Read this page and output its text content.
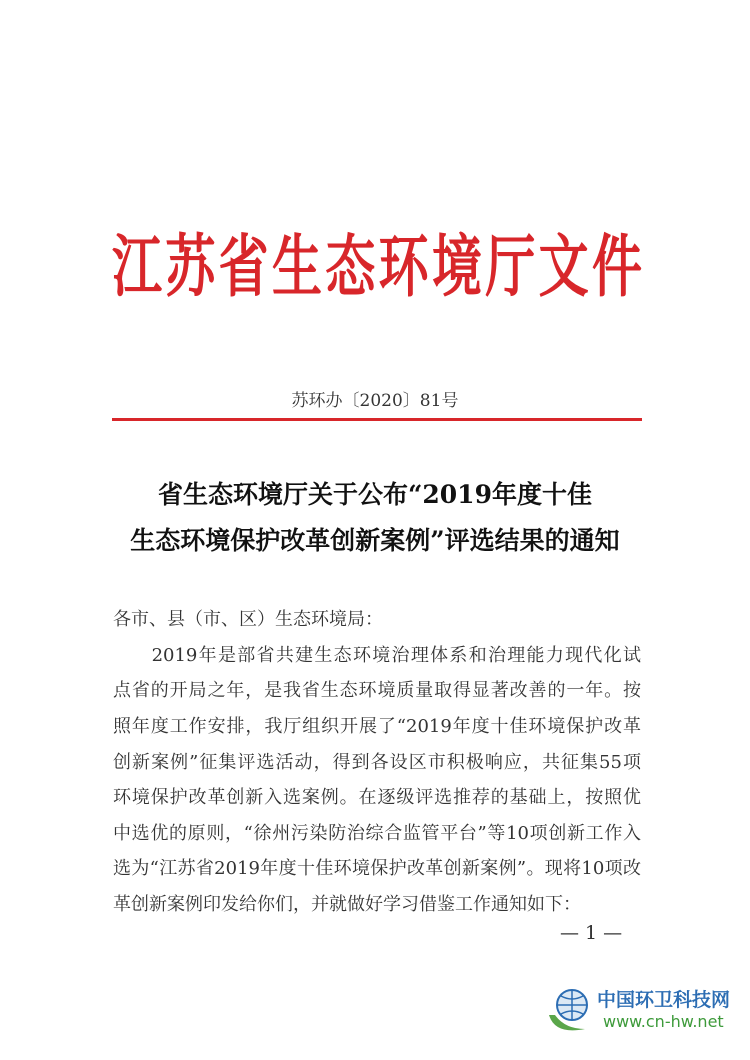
江苏省生态环境厅文件
苏环办〔2020〕81号
省生态环境厅关于公布“2019年度十佳
生态环境保护改革创新案例”评选结果的通知
各市、县（市、区）生态环境局：
　　2019年是部省共建生态环境治理体系和治理能力现代化试
点省的开局之年，是我省生态环境质量取得显著改善的一年。按
照年度工作安排，我厅组织开展了“2019年度十佳环境保护改革
创新案例”征集评选活动，得到各设区市积极响应，共征集55项
环境保护改革创新入选案例。在逐级评选推荐的基础上，按照优
中选优的原则，“徐州污染防治综合监管平台”等10项创新工作入
选为“江苏省2019年度十佳环境保护改革创新案例”。现将10项改
革创新案例印发给你们，并就做好学习借鉴工作通知如下：
— 1 —
中国环卫科技网
www.cn-hw.net
